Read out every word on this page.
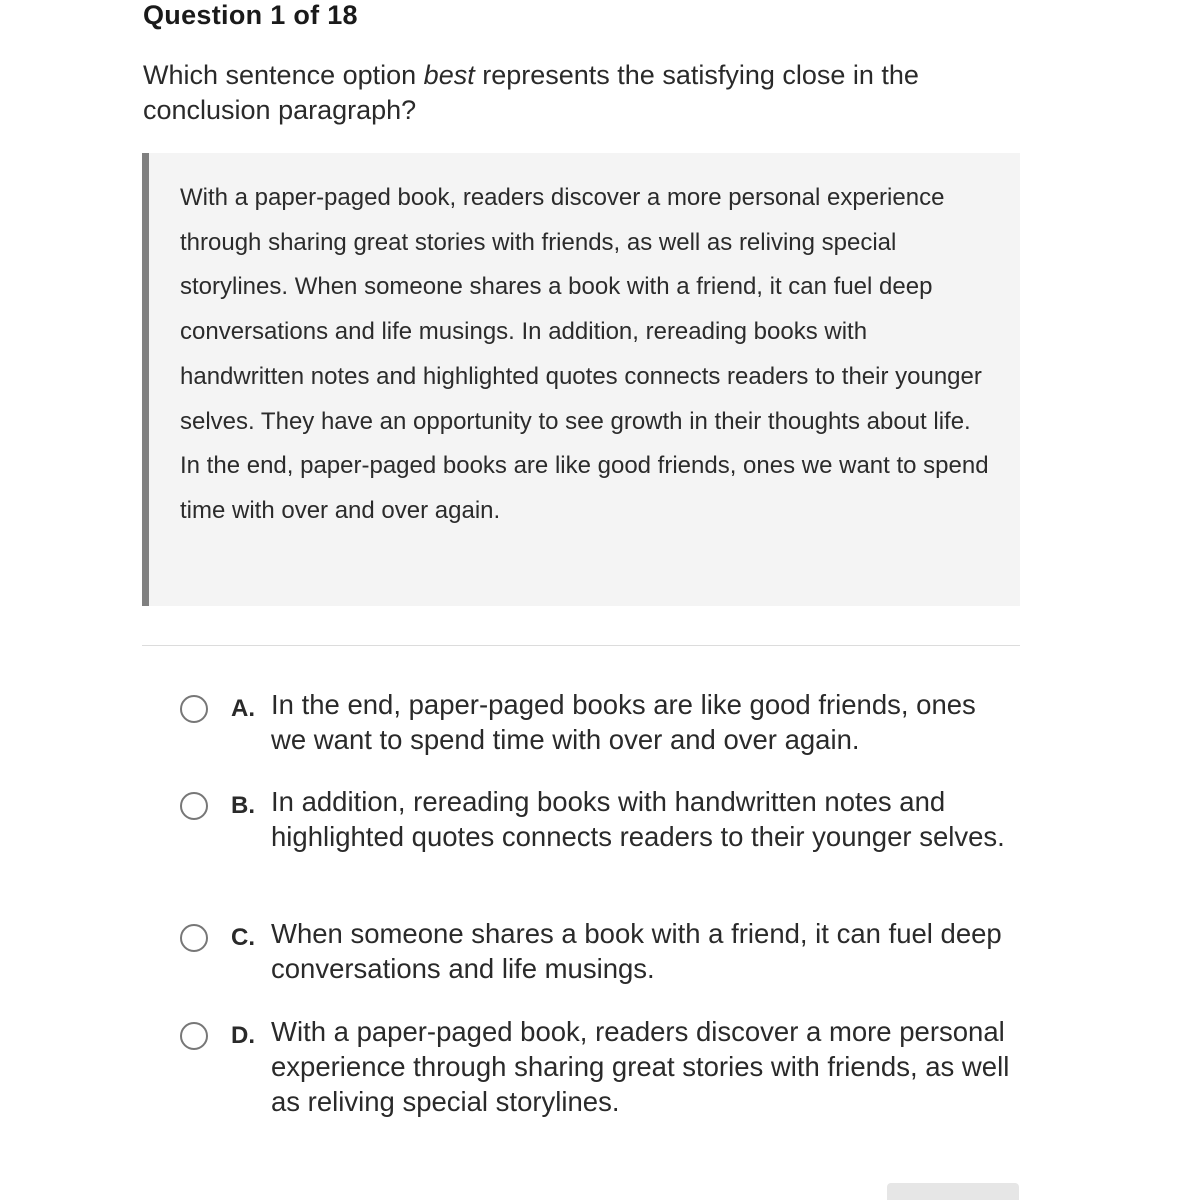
Question 1 of 18
Which sentence option best represents the satisfying close in the conclusion paragraph?
With a paper-paged book, readers discover a more personal experience through sharing great stories with friends, as well as reliving special storylines. When someone shares a book with a friend, it can fuel deep conversations and life musings. In addition, rereading books with handwritten notes and highlighted quotes connects readers to their younger selves. They have an opportunity to see growth in their thoughts about life. In the end, paper-paged books are like good friends, ones we want to spend time with over and over again.
A. In the end, paper-paged books are like good friends, ones we want to spend time with over and over again.
B. In addition, rereading books with handwritten notes and highlighted quotes connects readers to their younger selves.
C. When someone shares a book with a friend, it can fuel deep conversations and life musings.
D. With a paper-paged book, readers discover a more personal experience through sharing great stories with friends, as well as reliving special storylines.
